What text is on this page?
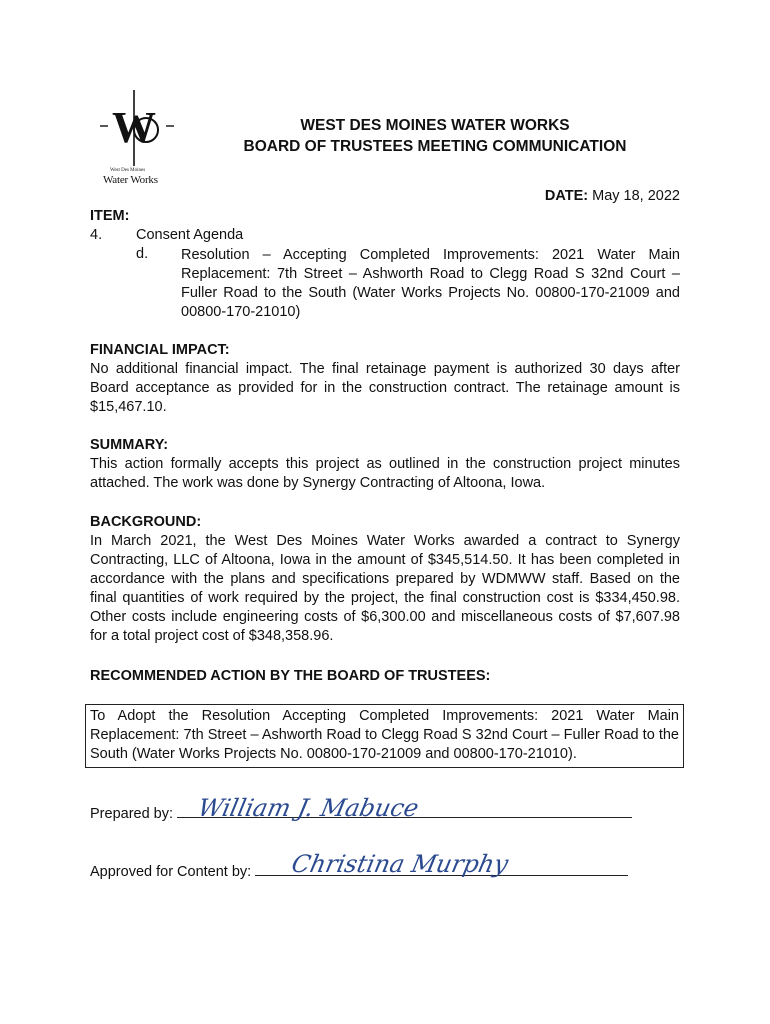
W
West Des Moines
Water Works
WEST DES MOINES WATER WORKS
BOARD OF TRUSTEES MEETING COMMUNICATION
DATE: May 18, 2022
ITEM:
4. Consent Agenda
d. Resolution – Accepting Completed Improvements: 2021 Water Main Replacement: 7th Street – Ashworth Road to Clegg Road S 32nd Court – Fuller Road to the South (Water Works Projects No. 00800-170-21009 and 00800-170-21010)
FINANCIAL IMPACT:
No additional financial impact. The final retainage payment is authorized 30 days after Board acceptance as provided for in the construction contract. The retainage amount is $15,467.10.
SUMMARY:
This action formally accepts this project as outlined in the construction project minutes attached. The work was done by Synergy Contracting of Altoona, Iowa.
BACKGROUND:
In March 2021, the West Des Moines Water Works awarded a contract to Synergy Contracting, LLC of Altoona, Iowa in the amount of $345,514.50. It has been completed in accordance with the plans and specifications prepared by WDMWW staff. Based on the final quantities of work required by the project, the final construction cost is $334,450.98. Other costs include engineering costs of $6,300.00 and miscellaneous costs of $7,607.98 for a total project cost of $348,358.96.
RECOMMENDED ACTION BY THE BOARD OF TRUSTEES:
To Adopt the Resolution Accepting Completed Improvements: 2021 Water Main Replacement: 7th Street – Ashworth Road to Clegg Road S 32nd Court – Fuller Road to the South (Water Works Projects No. 00800-170-21009 and 00800-170-21010).
Prepared by: William J. Mabuce
Approved for Content by:	Christina Murphy
